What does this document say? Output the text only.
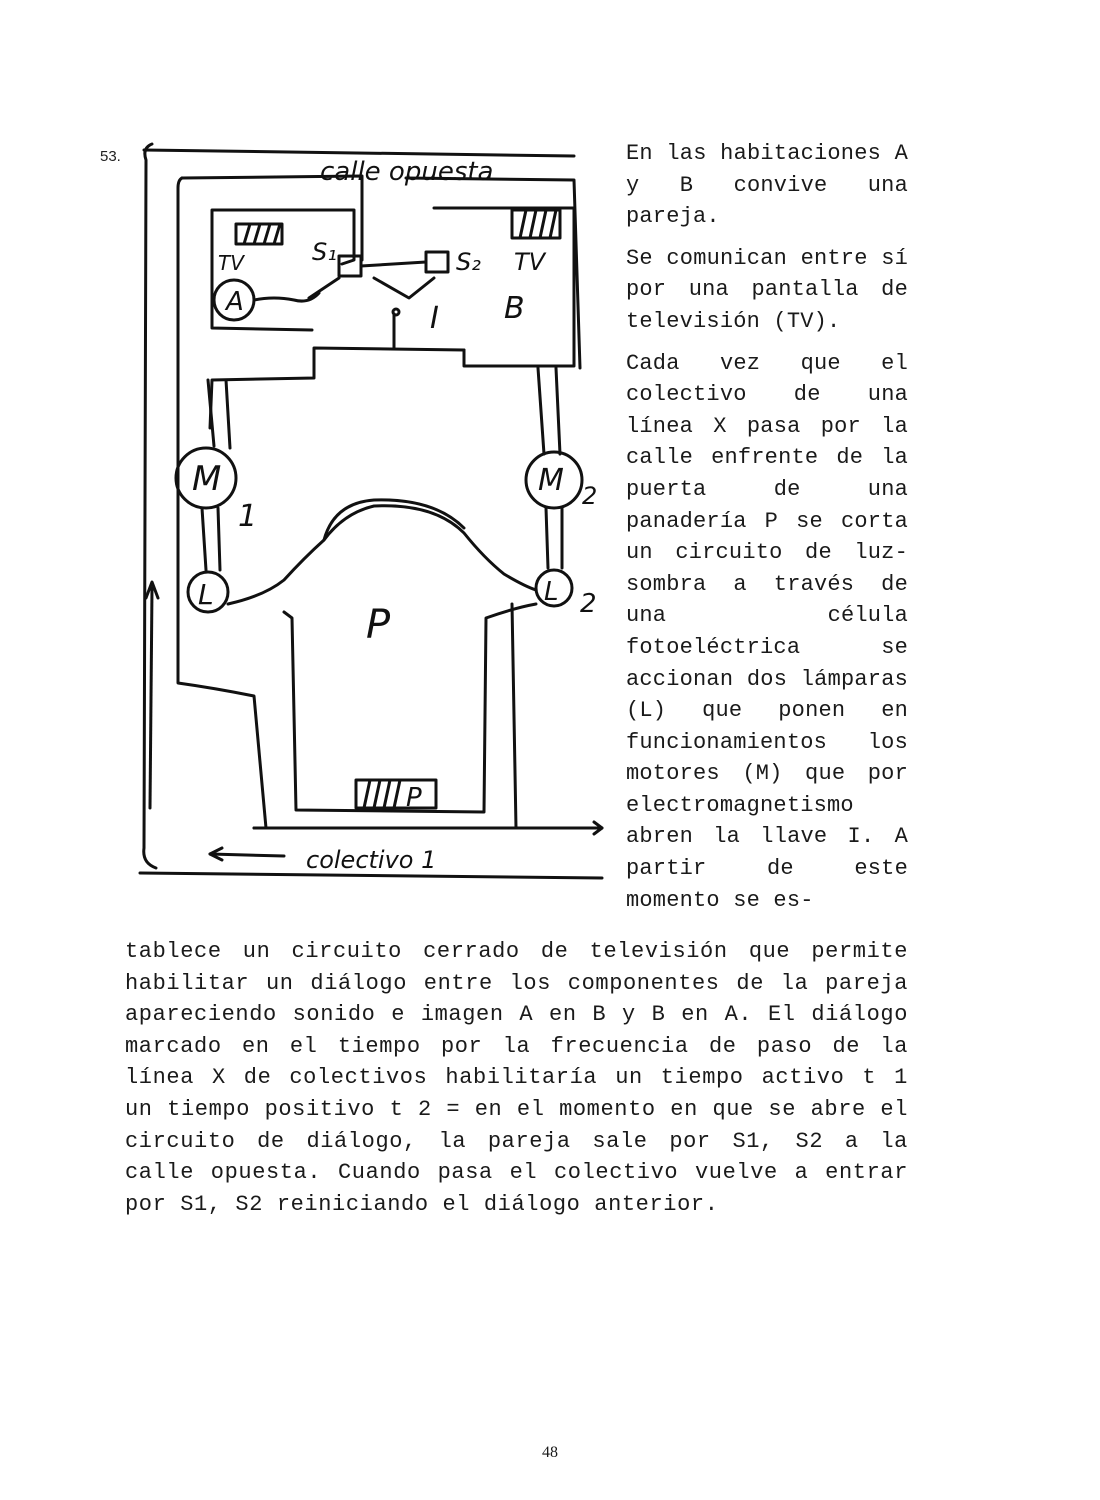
53.
calle opuesta
TV
A
S₁	S₂ TV
B
I
M
1
M 2
L	L 2
P
P
colectivo 1

En las habitaciones A y B convive una pareja.

Se comunican entre sí por una pantalla de televisión (TV).

Cada vez que el colectivo de una línea X pasa por la calle enfrente de la puerta de una panadería P se corta un circuito de luz-sombra a través de una célula fotoeléctrica se accionan dos lámparas (L) que ponen en funcionamientos los motores (M) que por electromagnetismo abren la llave I. A partir de este momento se es-

tablece un circuito cerrado de televisión que permite habilitar un diálogo entre los componentes de la pareja apareciendo sonido e imagen A en B y B en A. El diálogo marcado en el tiempo por la frecuencia de paso de la línea X de colectivos habilitaría un tiempo activo t 1 un tiempo positivo t 2 = en el momento en que se abre el circuito de diálogo, la pareja sale por S1, S2 a la calle opuesta. Cuando pasa el colectivo vuelve a entrar por S1, S2 reiniciando el diálogo anterior.
48
